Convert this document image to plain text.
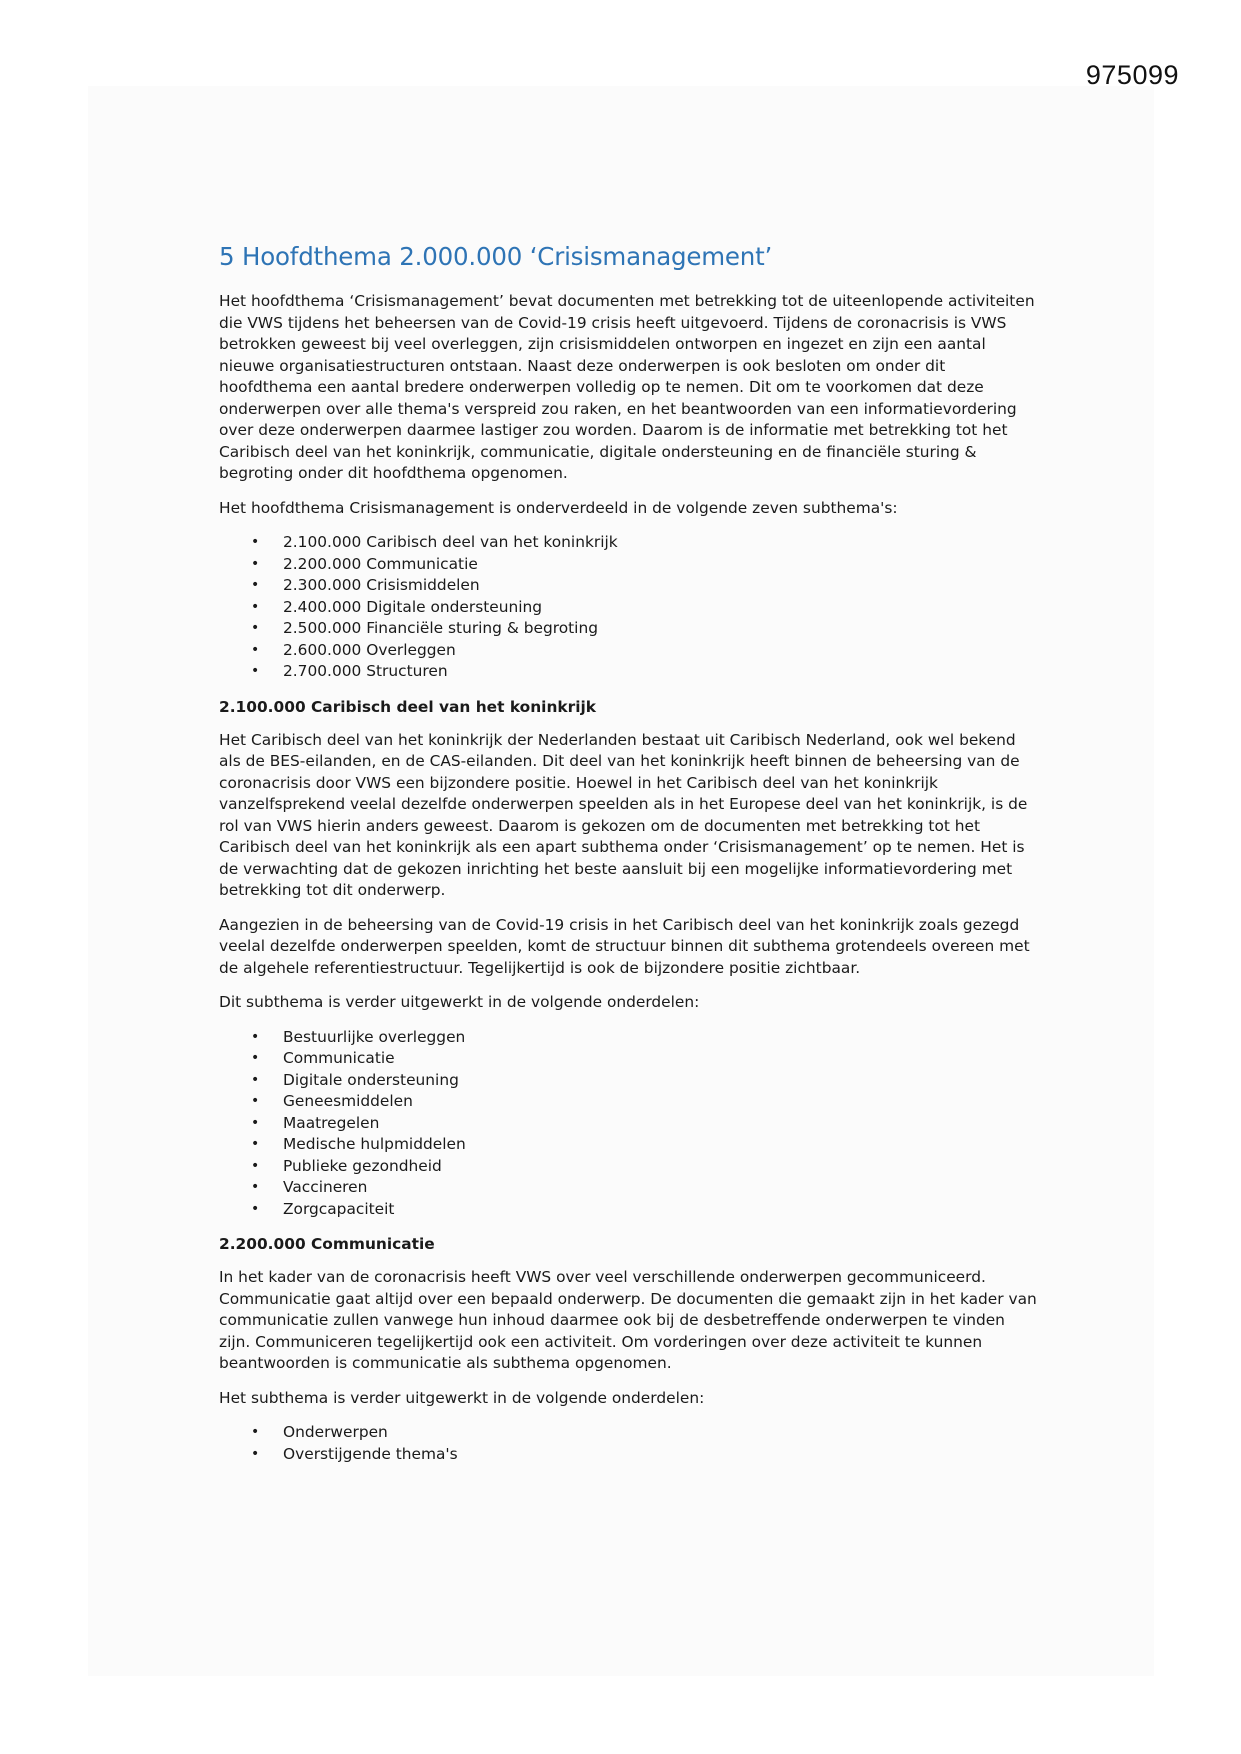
975099
5 Hoofdthema 2.000.000 ‘Crisismanagement’

Het hoofdthema ‘Crisismanagement’ bevat documenten met betrekking tot de uiteenlopende activiteiten die VWS tijdens het beheersen van de Covid-19 crisis heeft uitgevoerd. Tijdens de coronacrisis is VWS betrokken geweest bij veel overleggen, zijn crisismiddelen ontworpen en ingezet en zijn een aantal nieuwe organisatiestructuren ontstaan. Naast deze onderwerpen is ook besloten om onder dit hoofdthema een aantal bredere onderwerpen volledig op te nemen. Dit om te voorkomen dat deze onderwerpen over alle thema's verspreid zou raken, en het beantwoorden van een informatievordering over deze onderwerpen daarmee lastiger zou worden. Daarom is de informatie met betrekking tot het Caribisch deel van het koninkrijk, communicatie, digitale ondersteuning en de financiële sturing & begroting onder dit hoofdthema opgenomen.

Het hoofdthema Crisismanagement is onderverdeeld in de volgende zeven subthema's:

• 2.100.000 Caribisch deel van het koninkrijk
• 2.200.000 Communicatie
• 2.300.000 Crisismiddelen
• 2.400.000 Digitale ondersteuning
• 2.500.000 Financiële sturing & begroting
• 2.600.000 Overleggen
• 2.700.000 Structuren
2.100.000 Caribisch deel van het koninkrijk

Het Caribisch deel van het koninkrijk der Nederlanden bestaat uit Caribisch Nederland, ook wel bekend als de BES-eilanden, en de CAS-eilanden. Dit deel van het koninkrijk heeft binnen de beheersing van de coronacrisis door VWS een bijzondere positie. Hoewel in het Caribisch deel van het koninkrijk vanzelfsprekend veelal dezelfde onderwerpen speelden als in het Europese deel van het koninkrijk, is de rol van VWS hierin anders geweest. Daarom is gekozen om de documenten met betrekking tot het Caribisch deel van het koninkrijk als een apart subthema onder ‘Crisismanagement’ op te nemen. Het is de verwachting dat de gekozen inrichting het beste aansluit bij een mogelijke informatievordering met betrekking tot dit onderwerp.

Aangezien in de beheersing van de Covid-19 crisis in het Caribisch deel van het koninkrijk zoals gezegd veelal dezelfde onderwerpen speelden, komt de structuur binnen dit subthema grotendeels overeen met de algehele referentiestructuur. Tegelijkertijd is ook de bijzondere positie zichtbaar.

Dit subthema is verder uitgewerkt in de volgende onderdelen:

• Bestuurlijke overleggen
• Communicatie
• Digitale ondersteuning
• Geneesmiddelen
• Maatregelen
• Medische hulpmiddelen
• Publieke gezondheid
• Vaccineren
• Zorgcapaciteit
2.200.000 Communicatie

In het kader van de coronacrisis heeft VWS over veel verschillende onderwerpen gecommuniceerd. Communicatie gaat altijd over een bepaald onderwerp. De documenten die gemaakt zijn in het kader van communicatie zullen vanwege hun inhoud daarmee ook bij de desbetreffende onderwerpen te vinden zijn. Communiceren tegelijkertijd ook een activiteit. Om vorderingen over deze activiteit te kunnen beantwoorden is communicatie als subthema opgenomen.

Het subthema is verder uitgewerkt in de volgende onderdelen:

• Onderwerpen
• Overstijgende thema's
